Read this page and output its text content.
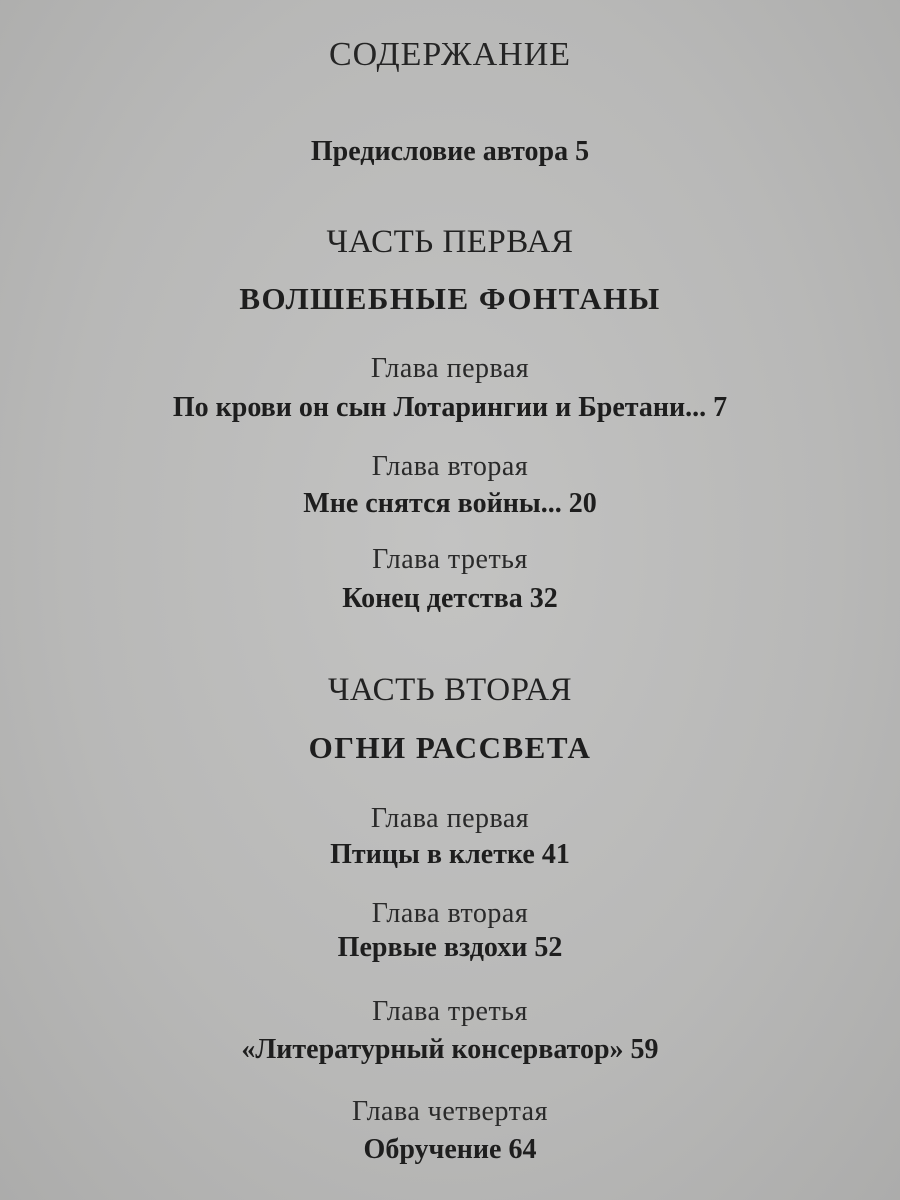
СОДЕРЖАНИЕ
Предисловие автора 5
ЧАСТЬ ПЕРВАЯ
ВОЛШЕБНЫЕ ФОНТАНЫ
Глава первая
По крови он сын Лотарингии и Бретани... 7
Глава вторая
Мне снятся войны... 20
Глава третья
Конец детства 32
ЧАСТЬ ВТОРАЯ
ОГНИ РАССВЕТА
Глава первая
Птицы в клетке 41
Глава вторая
Первые вздохи 52
Глава третья
«Литературный консерватор» 59
Глава четвертая
Обручение 64
